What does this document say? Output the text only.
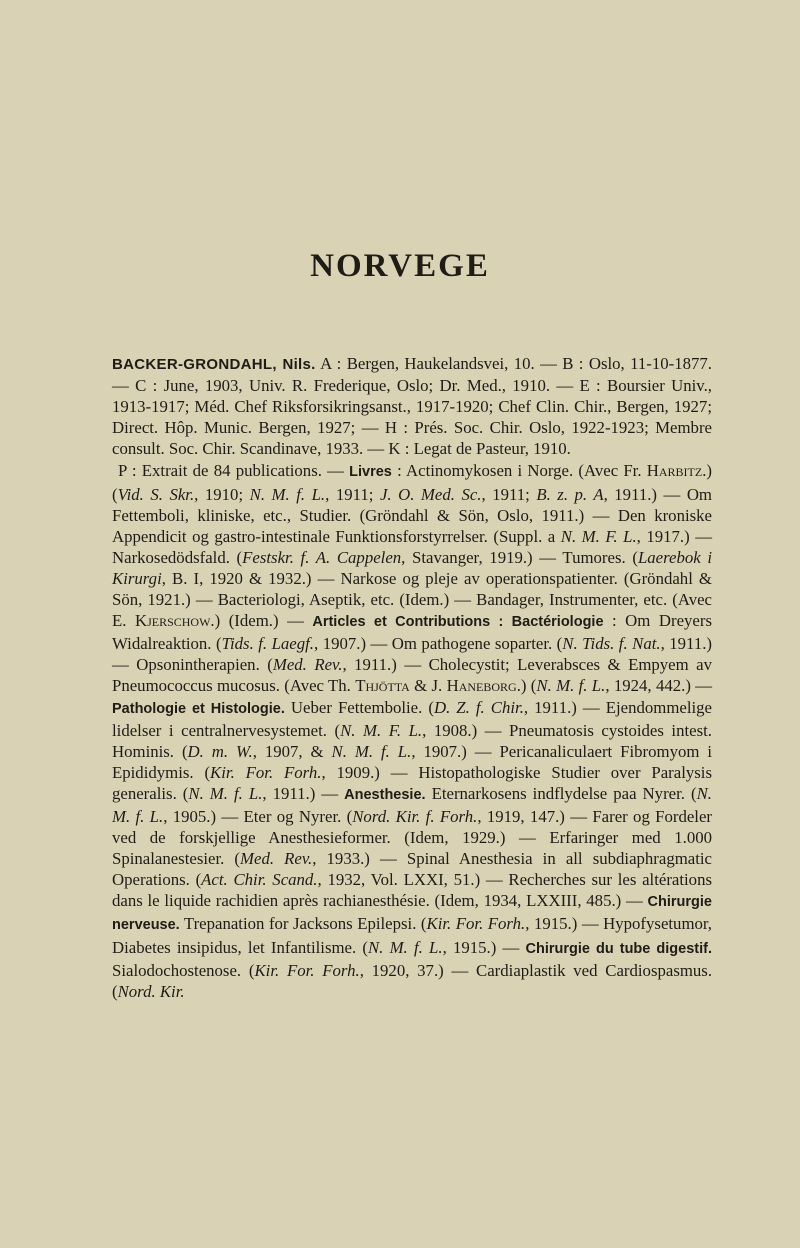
NORVEGE

BACKER-GRONDAHL, Nils. A : Bergen, Haukelandsvei, 10. — B : Oslo, 11-10-1877. — C : June, 1903, Univ. R. Frederique, Oslo; Dr. Med., 1910. — E : Boursier Univ., 1913-1917; Méd. Chef Riksforsikringsanst., 1917-1920; Chef Clin. Chir., Bergen, 1927; Direct. Hôp. Munic. Bergen, 1927; — H : Prés. Soc. Chir. Oslo, 1922-1923; Membre consult. Soc. Chir. Scandinave, 1933. — K : Legat de Pasteur, 1910.

P : Extrait de 84 publications. — Livres : Actinomykosen i Norge. (Avec Fr. Harbitz.) (Vid. S. Skr., 1910; N. M. f. L., 1911; J. O. Med. Sc., 1911; B. z. p. A, 1911.) — Om Fettemboli, kliniske, etc., Studier. (Gröndahl & Sön, Oslo, 1911.) — Den kroniske Appendicit og gastro-intestinale Funktionsforstyrrelser. (Suppl. a N. M. F. L., 1917.) — Narkosedödsfald. (Festskr. f. A. Cappelen, Stavanger, 1919.) — Tumores. (Laerebok i Kirurgi, B. I, 1920 & 1932.) — Narkose og pleje av operationspatienter. (Gröndahl & Sön, 1921.) — Bacteriologi, Aseptik, etc. (Idem.) — Bandager, Instrumenter, etc. (Avec E. Kjerschow.) (Idem.) — Articles et Contributions : Bactériologie : Om Dreyers Widalreaktion. (Tids. f. Laegf., 1907.) — Om pathogene soparter. (N. Tids. f. Nat., 1911.) — Opsonintherapien. (Med. Rev., 1911.) — Cholecystit; Leverabsces & Empyem av Pneumococcus mucosus. (Avec Th. Thjötta & J. Haneborg.) (N. M. f. L., 1924, 442.) — Pathologie et Histologie. Ueber Fettembolie. (D. Z. f. Chir., 1911.) — Ejendommelige lidelser i centralnervesystemet. (N. M. F. L., 1908.) — Pneumatosis cystoides intest. Hominis. (D. m. W., 1907, & N. M. f. L., 1907.) — Pericanaliculaert Fibromyom i Epididymis. (Kir. For. Forh., 1909.) — Histopathologiske Studier over Paralysis generalis. (N. M. f. L., 1911.) — Anesthesie. Eternarkosens indflydelse paa Nyrer. (N. M. f. L., 1905.) — Eter og Nyrer. (Nord. Kir. f. Forh., 1919, 147.) — Farer og Fordeler ved de forskjellige Anesthesieformer. (Idem, 1929.) — Erfaringer med 1.000 Spinalanestesier. (Med. Rev., 1933.) — Spinal Anesthesia in all subdiaphragmatic Operations. (Act. Chir. Scand., 1932, Vol. LXXI, 51.) — Recherches sur les altérations dans le liquide rachidien après rachianesthésie. (Idem, 1934, LXXIII, 485.) — Chirurgie nerveuse. Trepanation for Jacksons Epilepsi. (Kir. For. Forh., 1915.) — Hypofysetumor, Diabetes insipidus, let Infantilisme. (N. M. f. L., 1915.) — Chirurgie du tube digestif. Sialodochostenose. (Kir. For. Forh., 1920, 37.) — Cardiaplastik ved Cardiospasmus. (Nord. Kir.
